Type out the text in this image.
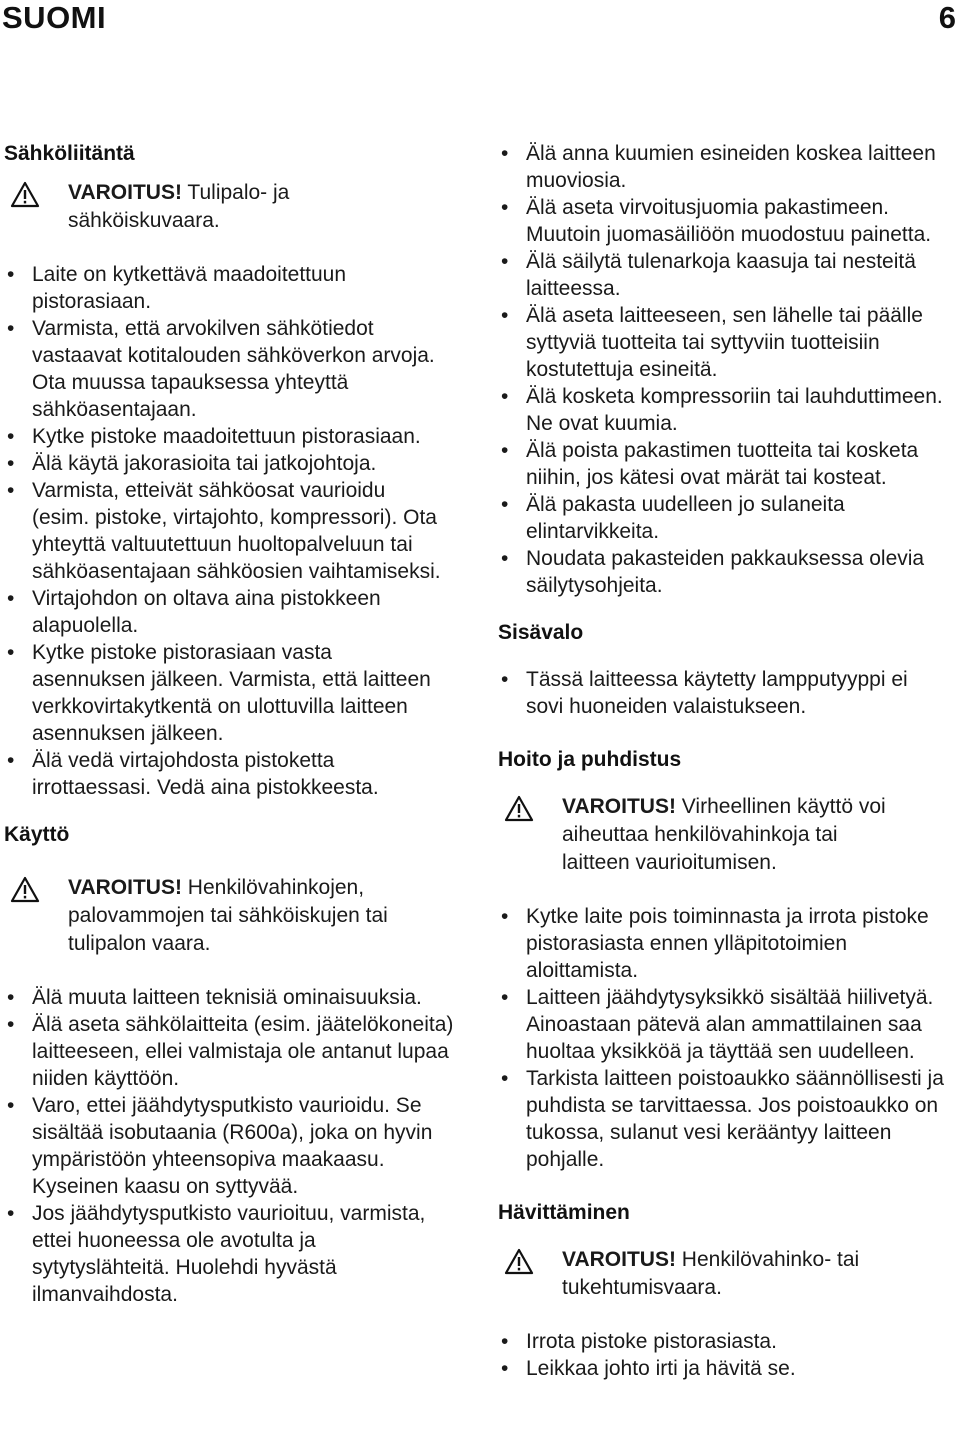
SUOMI	6
Sähköliitäntä
VAROITUS! Tulipalo- ja sähköiskuvaara.
• Laite on kytkettävä maadoitettuun pistorasiaan.
• Varmista, että arvokilven sähkötiedot vastaavat kotitalouden sähköverkon arvoja. Ota muussa tapauksessa yhteyttä sähköasentajaan.
• Kytke pistoke maadoitettuun pistorasiaan.
• Älä käytä jakorasioita tai jatkojohtoja.
• Varmista, etteivät sähköosat vaurioidu (esim. pistoke, virtajohto, kompressori). Ota yhteyttä valtuutettuun huoltopalveluun tai sähköasentajaan sähköosien vaihtamiseksi.
• Virtajohdon on oltava aina pistokkeen alapuolella.
• Kytke pistoke pistorasiaan vasta asennuksen jälkeen. Varmista, että laitteen verkkovirtakytkentä on ulottuvilla laitteen asennuksen jälkeen.
• Älä vedä virtajohdosta pistoketta irrottaessasi. Vedä aina pistokkeesta.
Käyttö
VAROITUS! Henkilövahinkojen, palovammojen tai sähköiskujen tai tulipalon vaara.
• Älä muuta laitteen teknisiä ominaisuuksia.
• Älä aseta sähkölaitteita (esim. jäätelökoneita) laitteeseen, ellei valmistaja ole antanut lupaa niiden käyttöön.
• Varo, ettei jäähdytysputkisto vaurioidu. Se sisältää isobutaania (R600a), joka on hyvin ympäristöön yhteensopiva maakaasu. Kyseinen kaasu on syttyvää.
• Jos jäähdytysputkisto vaurioituu, varmista, ettei huoneessa ole avotulta ja sytytyslähteitä. Huolehdi hyvästä ilmanvaihdosta.
• Älä anna kuumien esineiden koskea laitteen muoviosia.
• Älä aseta virvoitusjuomia pakastimeen. Muutoin juomasäiliöön muodostuu painetta.
• Älä säilytä tulenarkoja kaasuja tai nesteitä laitteessa.
• Älä aseta laitteeseen, sen lähelle tai päälle syttyviä tuotteita tai syttyviin tuotteisiin kostutettuja esineitä.
• Älä kosketa kompressoriin tai lauhduttimeen. Ne ovat kuumia.
• Älä poista pakastimen tuotteita tai kosketa niihin, jos kätesi ovat märät tai kosteat.
• Älä pakasta uudelleen jo sulaneita elintarvikkeita.
• Noudata pakasteiden pakkauksessa olevia säilytysohjeita.
Sisävalo
• Tässä laitteessa käytetty lampputyyppi ei sovi huoneiden valaistukseen.
Hoito ja puhdistus
VAROITUS! Virheellinen käyttö voi aiheuttaa henkilövahinkoja tai laitteen vaurioitumisen.
• Kytke laite pois toiminnasta ja irrota pistoke pistorasiasta ennen ylläpitotoimien aloittamista.
• Laitteen jäähdytysyksikkö sisältää hiilivetyä. Ainoastaan pätevä alan ammattilainen saa huoltaa yksikköä ja täyttää sen uudelleen.
• Tarkista laitteen poistoaukko säännöllisesti ja puhdista se tarvittaessa. Jos poistoaukko on tukossa, sulanut vesi kerääntyy laitteen pohjalle.
Hävittäminen
VAROITUS! Henkilövahinko- tai tukehtumisvaara.
• Irrota pistoke pistorasiasta.
• Leikkaa johto irti ja hävitä se.
